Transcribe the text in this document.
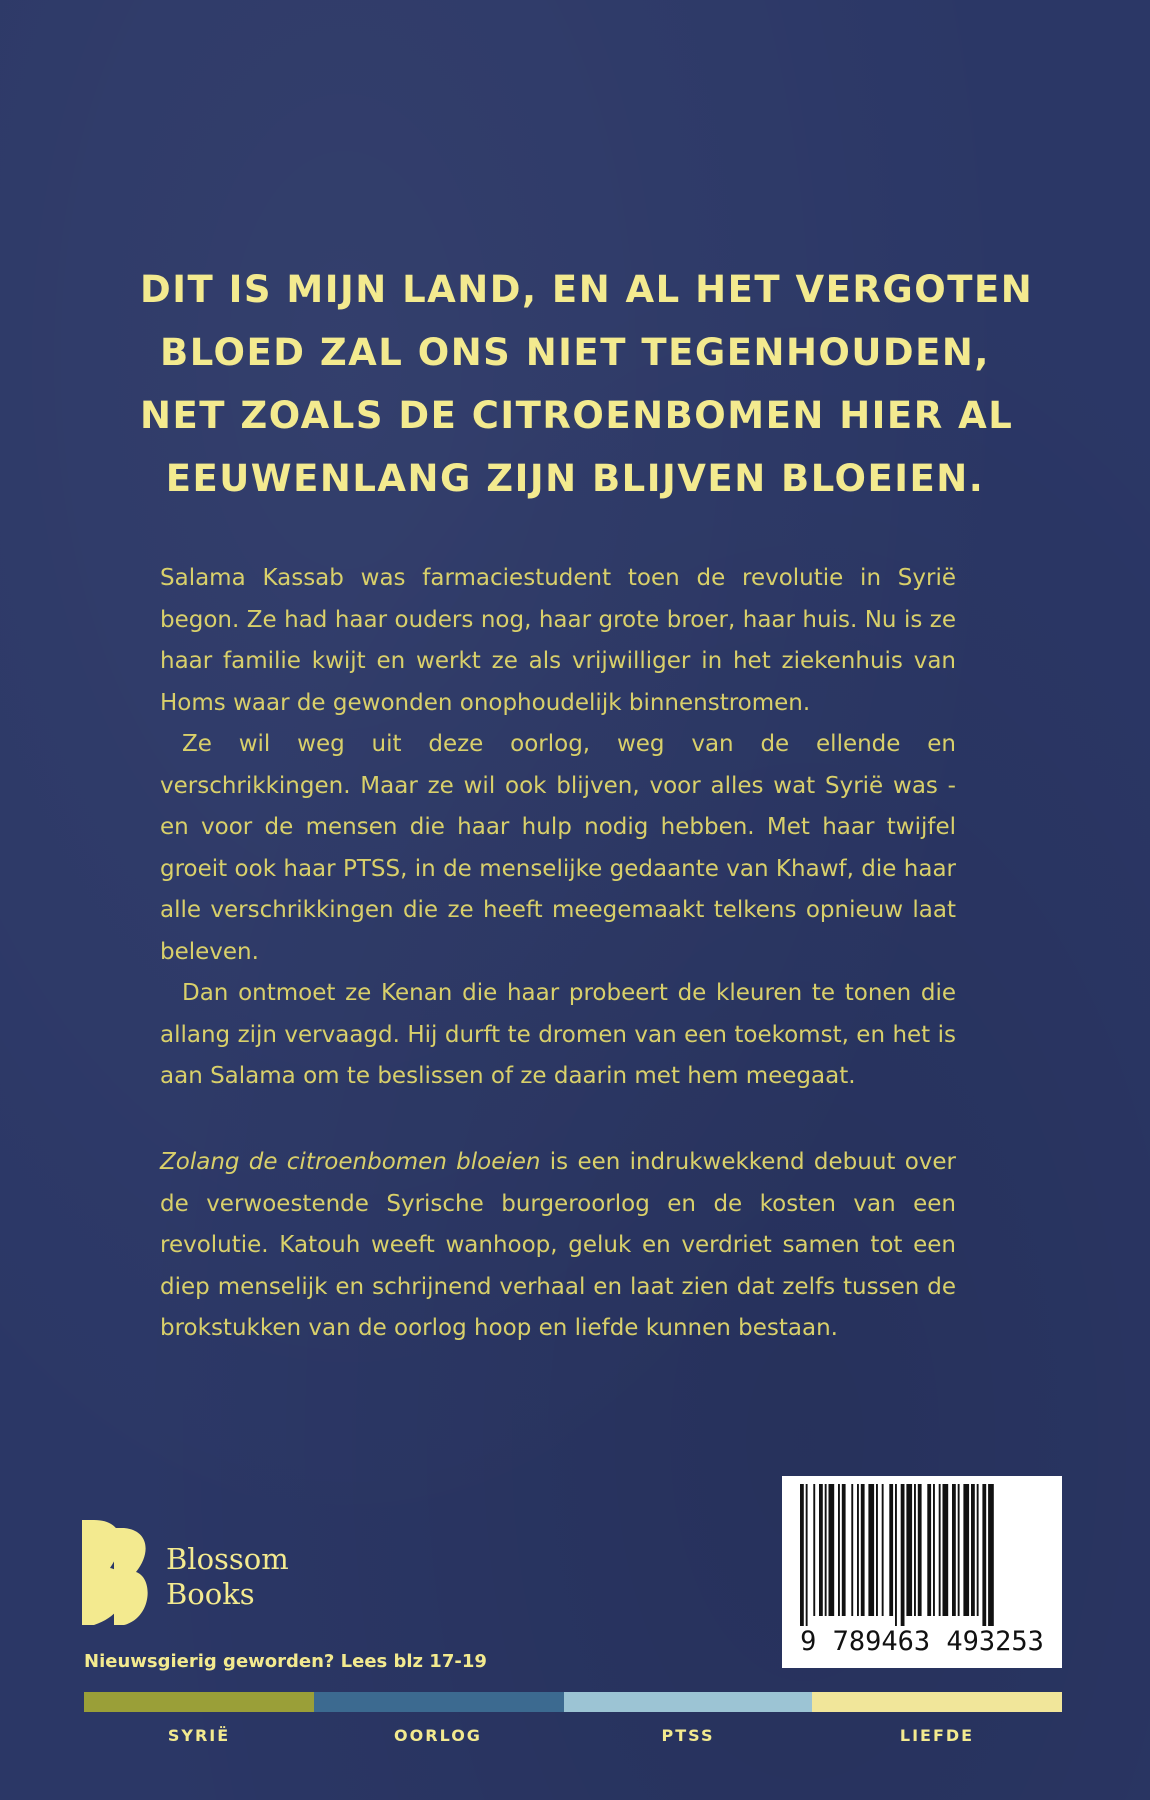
DIT IS MIJN LAND, EN AL HET VERGOTEN
BLOED ZAL ONS NIET TEGENHOUDEN,
NET ZOALS DE CITROENBOMEN HIER AL
EEUWENLANG ZIJN BLIJVEN BLOEIEN.

Salama Kassab was farmaciestudent toen de revolutie in Syrië begon. Ze had haar ouders nog, haar grote broer, haar huis. Nu is ze haar familie kwijt en werkt ze als vrijwilliger in het ziekenhuis van Homs waar de gewonden onophoudelijk binnenstromen.

Ze wil weg uit deze oorlog, weg van de ellende en verschrikkingen. Maar ze wil ook blijven, voor alles wat Syrië was - en voor de mensen die haar hulp nodig hebben. Met haar twijfel groeit ook haar PTSS, in de menselijke gedaante van Khawf, die haar alle verschrikkingen die ze heeft meegemaakt telkens opnieuw laat beleven.

Dan ontmoet ze Kenan die haar probeert de kleuren te tonen die allang zijn vervaagd. Hij durft te dromen van een toekomst, en het is aan Salama om te beslissen of ze daarin met hem meegaat.

Zolang de citroenbomen bloeien is een indrukwekkend debuut over de verwoestende Syrische burgeroorlog en de kosten van een revolutie. Katouh weeft wanhoop, geluk en verdriet samen tot een diep menselijk en schrijnend verhaal en laat zien dat zelfs tussen de brokstukken van de oorlog hoop en liefde kunnen bestaan.

Blossom
Books
9 789463 493253
Nieuwsgierig geworden? Lees blz 17-19
SYRIË	OORLOG	PTSS	LIEFDE
